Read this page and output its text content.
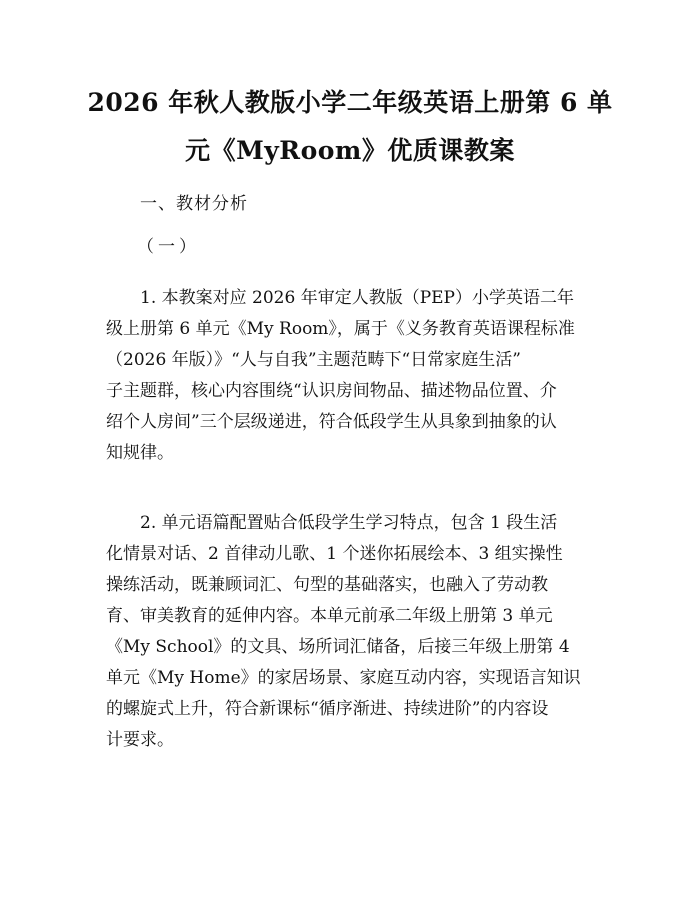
2026 年秋人教版小学二年级英语上册第 6 单
元《MyRoom》优质课教案
一、教材分析
（一）
1. 本教案对应 2026 年审定人教版（PEP）小学英语二年
级上册第 6 单元《My Room》，属于《义务教育英语课程标准
（2026 年版）》“人与自我”主题范畴下“日常家庭生活”
子主题群，核心内容围绕“认识房间物品、描述物品位置、介
绍个人房间”三个层级递进，符合低段学生从具象到抽象的认
知规律。
2. 单元语篇配置贴合低段学生学习特点，包含 1 段生活
化情景对话、2 首律动儿歌、1 个迷你拓展绘本、3 组实操性
操练活动，既兼顾词汇、句型的基础落实，也融入了劳动教
育、审美教育的延伸内容。本单元前承二年级上册第 3 单元
《My School》的文具、场所词汇储备，后接三年级上册第 4
单元《My Home》的家居场景、家庭互动内容，实现语言知识
的螺旋式上升，符合新课标“循序渐进、持续进阶”的内容设
计要求。
